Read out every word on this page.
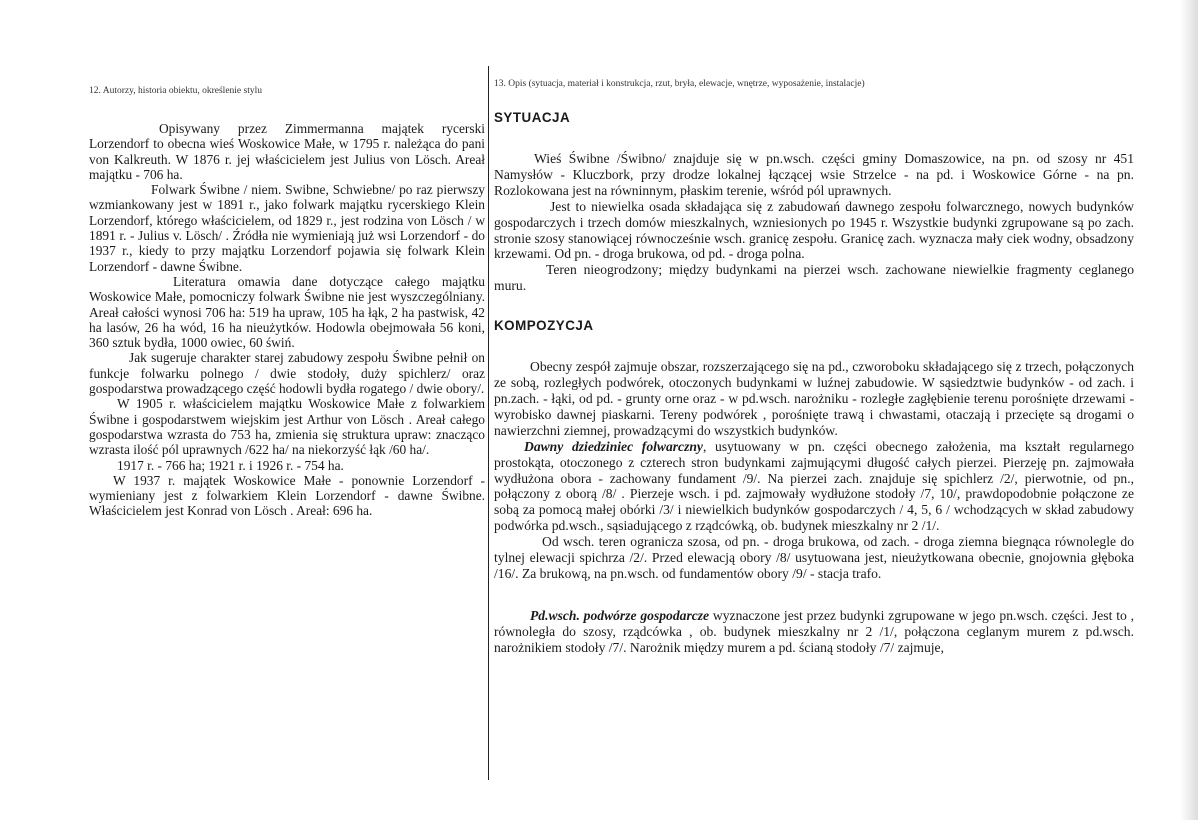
12. Autorzy, historia obiektu, określenie stylu

Opisywany przez Zimmermanna majątek rycerski Lorzendorf to obecna wieś Woskowice Małe, w 1795 r. należąca do pani von Kalkreuth. W 1876 r. jej właścicielem jest Julius von Lösch. Areał majątku - 706 ha.

Folwark Świbne / niem. Swibne, Schwiebne/ po raz pierwszy wzmiankowany jest w 1891 r., jako folwark majątku rycerskiego Klein Lorzendorf, którego właścicielem, od 1829 r., jest rodzina von Lösch / w 1891 r. - Julius v. Lösch/ . Źródła nie wymieniają już wsi Lorzendorf - do 1937 r., kiedy to przy majątku Lorzendorf pojawia się folwark Klein Lorzendorf - dawne Świbne.

Literatura omawia dane dotyczące całego majątku Woskowice Małe, pomocniczy folwark Świbne nie jest wyszczególniany. Areał całości wynosi 706 ha: 519 ha upraw, 105 ha łąk, 2 ha pastwisk, 42 ha lasów, 26 ha wód, 16 ha nieużytków. Hodowla obejmowała 56 koni, 360 sztuk bydła, 1000 owiec, 60 świń.

Jak sugeruje charakter starej zabudowy zespołu Świbne pełnił on funkcje folwarku polnego / dwie stodoły, duży spichlerz/ oraz gospodarstwa prowadzącego część hodowli bydła rogatego / dwie obory/.

W 1905 r. właścicielem majątku Woskowice Małe z folwarkiem Świbne i gospodarstwem wiejskim jest Arthur von Lösch . Areał całego gospodarstwa wzrasta do 753 ha, zmienia się struktura upraw: znacząco wzrasta ilość pól uprawnych /622 ha/ na niekorzyść łąk /60 ha/.

1917 r. - 766 ha; 1921 r. i 1926 r. - 754 ha.

W 1937 r. majątek Woskowice Małe - ponownie Lorzendorf - wymieniany jest z folwarkiem Klein Lorzendorf - dawne Świbne. Właścicielem jest Konrad von Lösch . Areał: 696 ha.

13. Opis (sytuacja, materiał i konstrukcja, rzut, bryła, elewacje, wnętrze, wyposażenie, instalacje)
SYTUACJA

Wieś Świbne /Świbno/ znajduje się w pn.wsch. części gminy Domaszowice, na pn. od szosy nr 451 Namysłów - Kluczbork, przy drodze lokalnej łączącej wsie Strzelce - na pd. i Woskowice Górne - na pn. Rozlokowana jest na równinnym, płaskim terenie, wśród pól uprawnych.

Jest to niewielka osada składająca się z zabudowań dawnego zespołu folwarcznego, nowych budynków gospodarczych i trzech domów mieszkalnych, wzniesionych po 1945 r. Wszystkie budynki zgrupowane są po zach. stronie szosy stanowiącej równocześnie wsch. granicę zespołu. Granicę zach. wyznacza mały ciek wodny, obsadzony krzewami. Od pn. - droga brukowa, od pd. - droga polna.

Teren nieogrodzony; między budynkami na pierzei wsch. zachowane niewielkie fragmenty ceglanego muru.

KOMPOZYCJA

Obecny zespół zajmuje obszar, rozszerzającego się na pd., czworoboku składającego się z trzech, połączonych ze sobą, rozległych podwórek, otoczonych budynkami w luźnej zabudowie. W sąsiedztwie budynków - od zach. i pn.zach. - łąki, od pd. - grunty orne oraz - w pd.wsch. narożniku - rozległe zagłębienie terenu porośnięte drzewami - wyrobisko dawnej piaskarni. Tereny podwórek , porośnięte trawą i chwastami, otaczają i przecięte są drogami o nawierzchni ziemnej, prowadzącymi do wszystkich budynków.

Dawny dziedziniec folwarczny, usytuowany w pn. części obecnego założenia, ma kształt regularnego prostokąta, otoczonego z czterech stron budynkami zajmującymi długość całych pierzei. Pierzeję pn. zajmowała wydłużona obora - zachowany fundament /9/. Na pierzei zach. znajduje się spichlerz /2/, pierwotnie, od pn., połączony z oborą /8/ . Pierzeje wsch. i pd. zajmowały wydłużone stodoły /7, 10/, prawdopodobnie połączone ze sobą za pomocą małej obórki /3/ i niewielkich budynków gospodarczych / 4, 5, 6 / wchodzących w skład zabudowy podwórka pd.wsch., sąsiadującego z rządcówką, ob. budynek mieszkalny nr 2 /1/.

Od wsch. teren ogranicza szosa, od pn. - droga brukowa, od zach. - droga ziemna biegnąca równolegle do tylnej elewacji spichrza /2/. Przed elewacją obory /8/ usytuowana jest, nieużytkowana obecnie, gnojownia głęboka /16/. Za brukową, na pn.wsch. od fundamentów obory /9/ - stacja trafo.

Pd.wsch. podwórze gospodarcze wyznaczone jest przez budynki zgrupowane w jego pn.wsch. części. Jest to , równoległa do szosy, rządcówka , ob. budynek mieszkalny nr 2 /1/, połączona ceglanym murem z pd.wsch. narożnikiem stodoły /7/. Narożnik między murem a pd. ścianą stodoły /7/ zajmuje,
